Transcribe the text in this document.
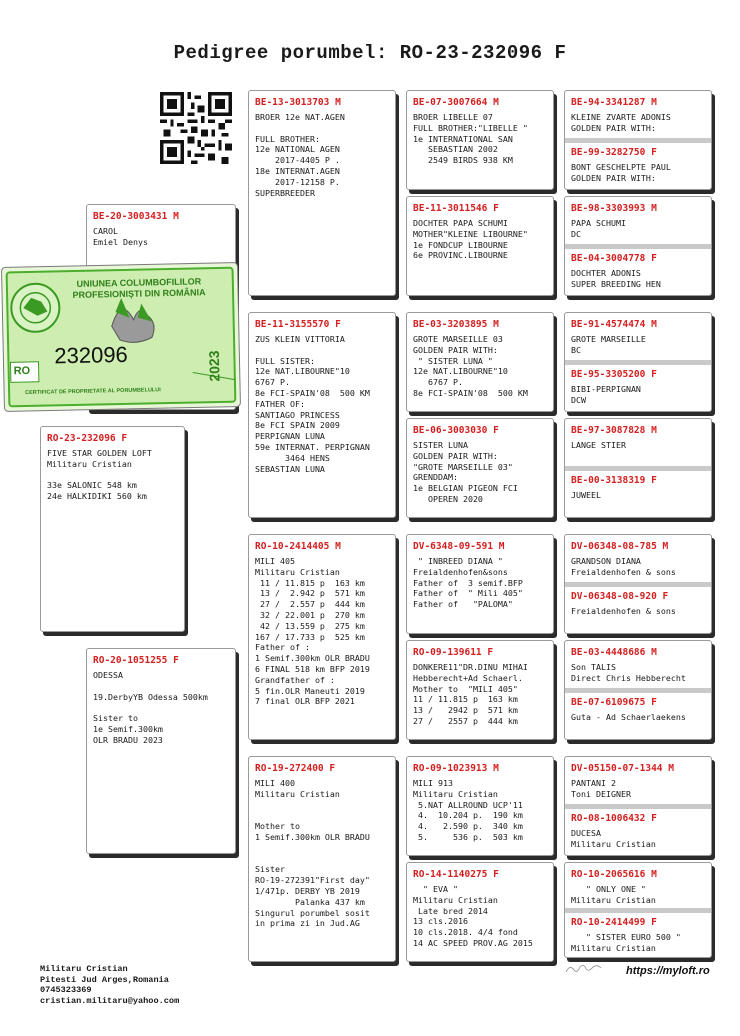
Pedigree porumbel: RO-23-232096 F
RO-23-232096 F
FIVE STAR GOLDEN LOFT
Militaru Cristian

33e SALONIC 548 km
24e HALKIDIKI 560 km
BE-20-3003431 M
CAROL
Emiel Denys
RO-20-1051255 F
ODESSA

19.DerbyYB Odessa 500km

Sister to
1e Semif.300km
OLR BRADU 2023
UNIUNEA COLUMBOFILILOR
PROFESIONIȘTI DIN ROMÂNIA
RO
232096	2023
CERTIFICAT DE PROPRIETATE AL PORUMBELULUI
BE-13-3013703 M
BROER 12e NAT.AGEN

FULL BROTHER:
12e NATIONAL AGEN
2017-4405 P .
18e INTERNAT.AGEN
2017-12158 P.
SUPERBREEDER
BE-11-3155570 F
ZUS KLEIN VITTORIA

FULL SISTER:
12e NAT.LIBOURNE"10
6767 P.
8e FCI-SPAIN'08  500 KM
FATHER OF:
SANTIAGO PRINCESS
8e FCI SPAIN 2009
PERPIGNAN LUNA
59e INTERNAT. PERPIGNAN
3464 HENS
SEBASTIAN LUNA
RO-10-2414405 M
MILI 405
Militaru Cristian
11 / 11.815 p  163 km
13 /  2.942 p  571 km
27 /  2.557 p  444 km
32 / 22.001 p  270 km
42 / 13.559 p  275 km
167 / 17.733 p  525 km
Father of :
1 Semif.300km OLR BRADU
6 FINAL 518 km BFP 2019
Grandfather of :
5 fin.OLR Maneuti 2019
7 final OLR BFP 2021
RO-19-272400 F
MILI 400
Militaru Cristian

Mother to
1 Semif.300km OLR BRADU

Sister
RO-19-272391"First day"
1/471p. DERBY YB 2019
Palanka 437 km
Singurul porumbel sosit
in prima zi in Jud.AG
BE-07-3007664 M
BROER LIBELLE 07
FULL BROTHER:"LIBELLE "
1e INTERNATIONAL SAN
SEBASTIAN 2002
2549 BIRDS 938 KM
BE-11-3011546 F
DOCHTER PAPA SCHUMI
MOTHER"KLEINE LIBOURNE"
1e FONDCUP LIBOURNE
6e PROVINC.LIBOURNE
BE-03-3203895 M
GROTE MARSEILLE 03
GOLDEN PAIR WITH:
" SISTER LUNA "
12e NAT.LIBOURNE"10
6767 P.
8e FCI-SPAIN'08  500 KM
BE-06-3003030 F
SISTER LUNA
GOLDEN PAIR WITH:
"GROTE MARSEILLE 03"
GRENDDAM:
1e BELGIAN PIGEON FCI
OPEREN 2020
DV-6348-09-591 M
" INBREED DIANA "
Freialdenhofen&sons
Father of  3 semif.BFP
Father of  " Mili 405"
Father of   "PALOMA"
RO-09-139611 F
DONKERE11"DR.DINU MIHAI
Hebberecht+Ad Schaerl.
Mother to  "MILI 405"
11 / 11.815 p  163 km
13 /   2942 p  571 km
27 /   2557 p  444 km
RO-09-1023913 M
MILI 913
Militaru Cristian
5.NAT ALLROUND UCP'11
4.  10.204 p.  190 km
4.   2.590 p.  340 km
5.     536 p.  503 km
RO-14-1140275 F
" EVA "
Militaru Cristian
Late bred 2014
13 cls.2016
10 cls.2018. 4/4 fond
14 AC SPEED PROV.AG 2015
BE-94-3341287 M
KLEINE ZVARTE ADONIS
GOLDEN PAIR WITH:
BE-99-3282750 F
BONT GESCHELPTE PAUL
GOLDEN PAIR WITH:
BE-98-3303993 M
PAPA SCHUMI
DC
BE-04-3004778 F
DOCHTER ADONIS
SUPER BREEDING HEN
BE-91-4574474 M
GROTE MARSEILLE
BC
BE-95-3305200 F
BIBI-PERPIGNAN
DCW
BE-97-3087828 M
LANGE STIER
BE-00-3138319 F
JUWEEL
DV-06348-08-785 M
GRANDSON DIANA
Freialdenhofen & sons
DV-06348-08-920 F
Freialdenhofen & sons
BE-03-4448686 M
Son TALIS
Direct Chris Hebberecht
BE-07-6109675 F
Guta - Ad Schaerlaekens
DV-05150-07-1344 M
PANTANI 2
Toni DEIGNER
RO-08-1006432 F
DUCESA
Militaru Cristian
RO-10-2065616 M
" ONLY ONE "
Militaru Cristian
RO-10-2414499 F
" SISTER EURO 500 "
Militaru Cristian
Militaru Cristian
Pitesti Jud Arges,Romania
0745323369
cristian.militaru@yahoo.com
https://myloft.ro
